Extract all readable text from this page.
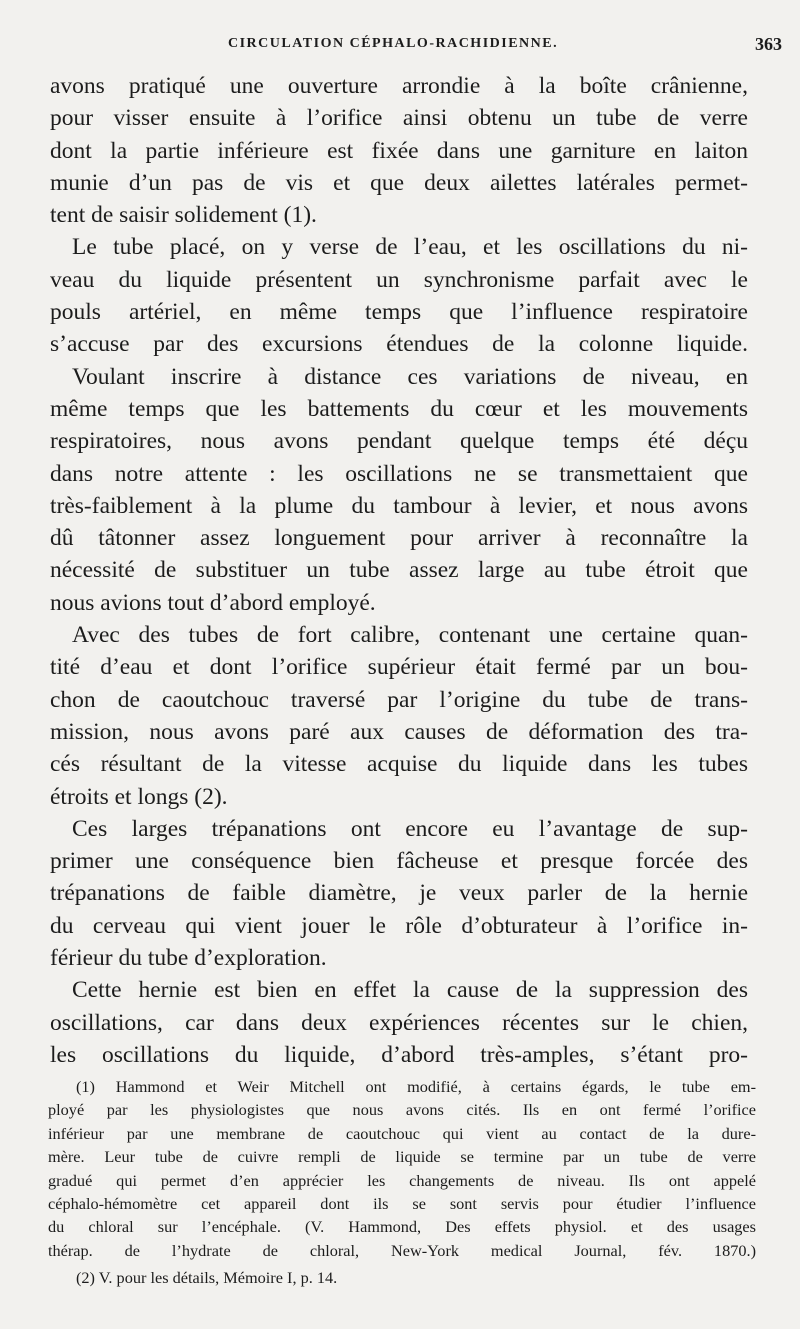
CIRCULATION CÉPHALO-RACHIDIENNE.	363
avons pratiqué une ouverture arrondie à la boîte crânienne,
pour visser ensuite à l’orifice ainsi obtenu un tube de verre
dont la partie inférieure est fixée dans une garniture en laiton
munie d’un pas de vis et que deux ailettes latérales permet-
tent de saisir solidement (1).
Le tube placé, on y verse de l’eau, et les oscillations du ni-
veau du liquide présentent un synchronisme parfait avec le
pouls artériel, en même temps que l’influence respiratoire
s’accuse par des excursions étendues de la colonne liquide.
Voulant inscrire à distance ces variations de niveau, en
même temps que les battements du cœur et les mouvements
respiratoires, nous avons pendant quelque temps été déçu
dans notre attente : les oscillations ne se transmettaient que
très-faiblement à la plume du tambour à levier, et nous avons
dû tâtonner assez longuement pour arriver à reconnaître la
nécessité de substituer un tube assez large au tube étroit que
nous avions tout d’abord employé.
Avec des tubes de fort calibre, contenant une certaine quan-
tité d’eau et dont l’orifice supérieur était fermé par un bou-
chon de caoutchouc traversé par l’origine du tube de trans-
mission, nous avons paré aux causes de déformation des tra-
cés résultant de la vitesse acquise du liquide dans les tubes
étroits et longs (2).
Ces larges trépanations ont encore eu l’avantage de sup-
primer une conséquence bien fâcheuse et presque forcée des
trépanations de faible diamètre, je veux parler de la hernie
du cerveau qui vient jouer le rôle d’obturateur à l’orifice in-
férieur du tube d’exploration.
Cette hernie est bien en effet la cause de la suppression des
oscillations, car dans deux expériences récentes sur le chien,
les oscillations du liquide, d’abord très-amples, s’étant pro-
(1) Hammond et Weir Mitchell ont modifié, à certains égards, le tube em-
ployé par les physiologistes que nous avons cités. Ils en ont fermé l’orifice
inférieur par une membrane de caoutchouc qui vient au contact de la dure-
mère. Leur tube de cuivre rempli de liquide se termine par un tube de verre
gradué qui permet d’en apprécier les changements de niveau. Ils ont appelé
céphalo-hémomètre cet appareil dont ils se sont servis pour étudier l’influence
du chloral sur l’encéphale. (V. Hammond, Des effets physiol. et des usages
thérap. de l’hydrate de chloral, New-York medical Journal, fév. 1870.)
(2) V. pour les détails, Mémoire I, p. 14.
